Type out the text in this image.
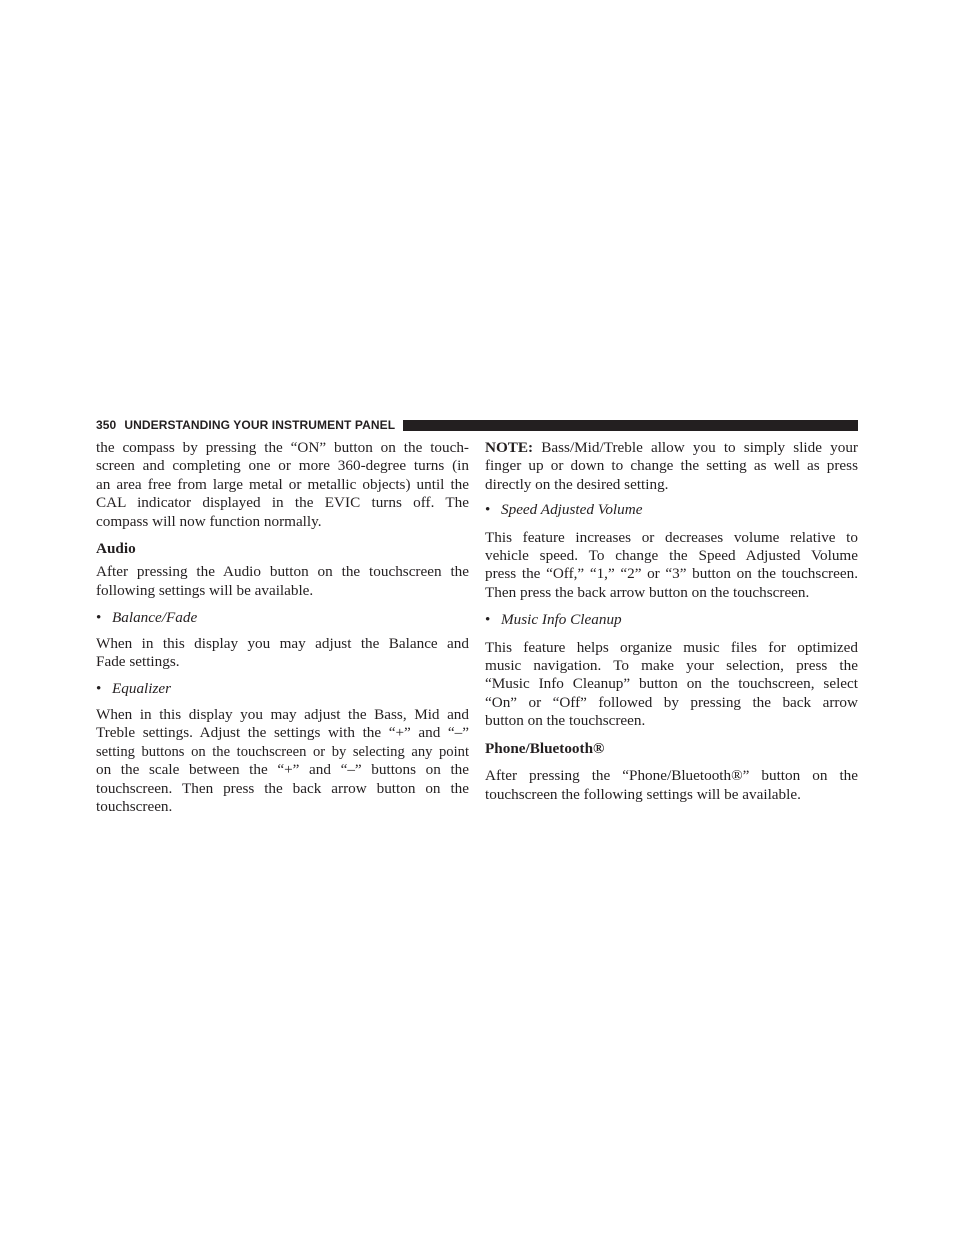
350 UNDERSTANDING YOUR INSTRUMENT PANEL

the compass by pressing the “ON” button on the touch-
screen and completing one or more 360-degree turns (in
an area free from large metal or metallic objects) until the
CAL indicator displayed in the EVIC turns off. The
compass will now function normally.

Audio

After pressing the Audio button on the touchscreen the
following settings will be available.

• Balance/Fade

When in this display you may adjust the Balance and
Fade settings.

• Equalizer

When in this display you may adjust the Bass, Mid and
Treble settings. Adjust the settings with the “+” and “–”
setting buttons on the touchscreen or by selecting any point
on the scale between the “+” and “–” buttons on the
touchscreen. Then press the back arrow button on the
touchscreen.

NOTE: Bass/Mid/Treble allow you to simply slide your
finger up or down to change the setting as well as press
directly on the desired setting.

• Speed Adjusted Volume

This feature increases or decreases volume relative to
vehicle speed. To change the Speed Adjusted Volume
press the “Off,” “1,” “2” or “3” button on the touchscreen.
Then press the back arrow button on the touchscreen.

• Music Info Cleanup

This feature helps organize music files for optimized
music navigation. To make your selection, press the
“Music Info Cleanup” button on the touchscreen, select
“On” or “Off” followed by pressing the back arrow
button on the touchscreen.

Phone/Bluetooth®

After pressing the “Phone/Bluetooth®” button on the
touchscreen the following settings will be available.
